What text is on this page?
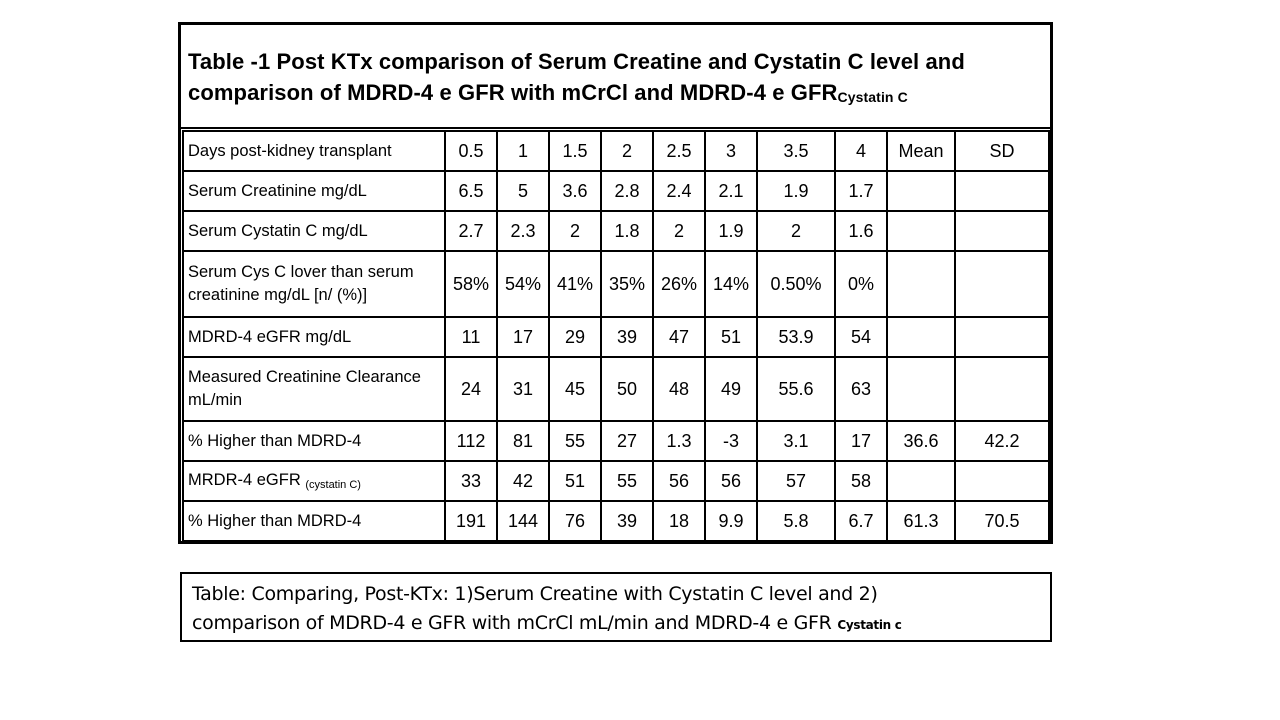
Table -1 Post KTx comparison of Serum Creatine and Cystatin C level and
comparison of MDRD-4 e GFR with mCrCl and MDRD-4 e GFRCystatin C
Days post-kidney transplant	0.5	1	1.5	2	2.5	3	3.5	4	Mean	SD
Serum Creatinine mg/dL	6.5	5	3.6	2.8	2.4	2.1	1.9	1.7		
Serum Cystatin C mg/dL	2.7	2.3	2	1.8	2	1.9	2	1.6		
Serum Cys C lover than serum creatinine mg/dL [n/ (%)]	58%	54%	41%	35%	26%	14%	0.50%	0%		
MDRD-4 eGFR mg/dL	11	17	29	39	47	51	53.9	54		
Measured Creatinine Clearance mL/min	24	31	45	50	48	49	55.6	63		
% Higher than MDRD-4	112	81	55	27	1.3	-3	3.1	17	36.6	42.2
MRDR-4 eGFR (cystatin C)	33	42	51	55	56	56	57	58		
% Higher than MDRD-4	191	144	76	39	18	9.9	5.8	6.7	61.3	70.5
Table: Comparing, Post-KTx: 1)Serum Creatine with Cystatin C level and 2)
comparison of MDRD-4 e GFR with mCrCl mL/min and MDRD-4 e GFR Cystatin c
